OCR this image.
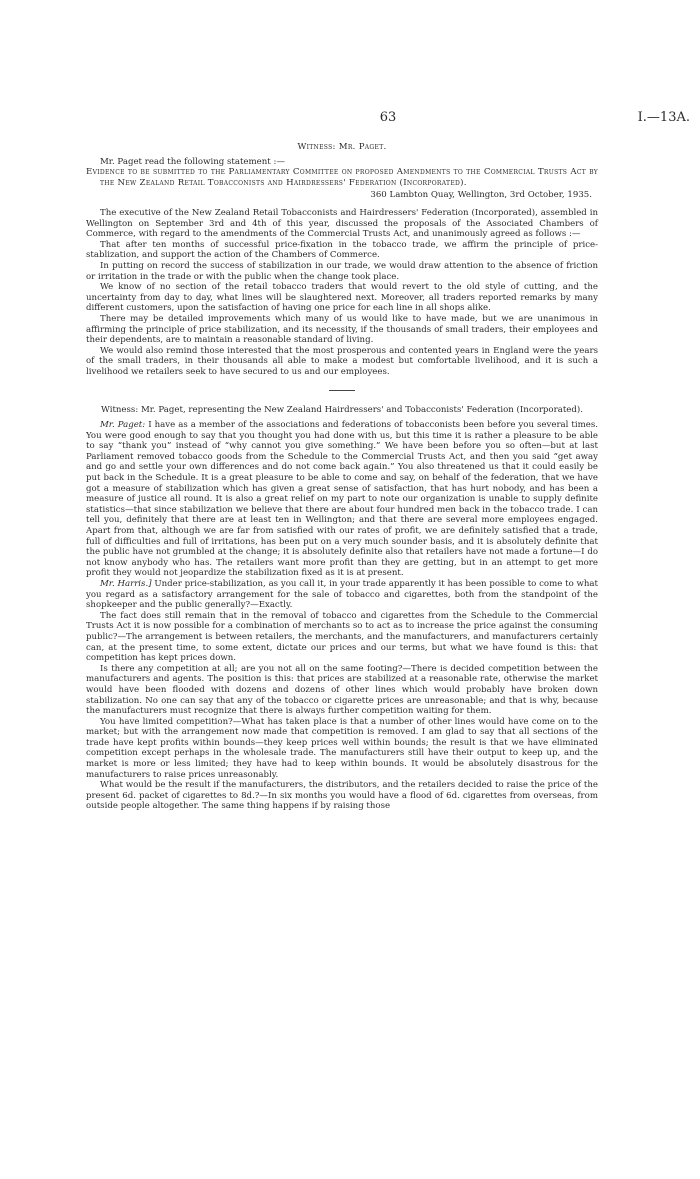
63	I.—13A.

Witness: Mr. Paget.

Mr. Paget read the following statement :—

Evidence to be submitted to the Parliamentary Committee on proposed Amendments to the Commercial Trusts Act by the New Zealand Retail Tobacconists and Hairdressers' Federation (Incorporated).

360 Lambton Quay, Wellington, 3rd October, 1935.

The executive of the New Zealand Retail Tobacconists and Hairdressers' Federation (Incorporated), assembled in Wellington on September 3rd and 4th of this year, discussed the proposals of the Associated Chambers of Commerce, with regard to the amendments of the Commercial Trusts Act, and unanimously agreed as follows :—

That after ten months of successful price-fixation in the tobacco trade, we affirm the principle of price-stablization, and support the action of the Chambers of Commerce.

In putting on record the success of stabilization in our trade, we would draw attention to the absence of friction or irritation in the trade or with the public when the change took place.

We know of no section of the retail tobacco traders that would revert to the old style of cutting, and the uncertainty from day to day, what lines will be slaughtered next. Moreover, all traders reported remarks by many different customers, upon the satisfaction of having one price for each line in all shops alike.

There may be detailed improvements which many of us would like to have made, but we are unanimous in affirming the principle of price stabilization, and its necessity, if the thousands of small traders, their employees and their dependents, are to maintain a reasonable standard of living.

We would also remind those interested that the most prosperous and contented years in England were the years of the small traders, in their thousands all able to make a modest but comfortable livelihood, and it is such a livelihood we retailers seek to have secured to us and our employees.

Witness: Mr. Paget, representing the New Zealand Hairdressers' and Tobacconists' Federation (Incorporated).

Mr. Paget: I have as a member of the associations and federations of tobacconists been before you several times. You were good enough to say that you thought you had done with us, but this time it is rather a pleasure to be able to say “thank you” instead of “why cannot you give something.” We have been before you so often—but at last Parliament removed tobacco goods from the Schedule to the Commercial Trusts Act, and then you said “get away and go and settle your own differences and do not come back again.” You also threatened us that it could easily be put back in the Schedule. It is a great pleasure to be able to come and say, on behalf of the federation, that we have got a measure of stabilization which has given a great sense of satisfaction, that has hurt nobody, and has been a measure of justice all round. It is also a great relief on my part to note our organization is unable to supply definite statistics—that since stabilization we believe that there are about four hundred men back in the tobacco trade. I can tell you, definitely that there are at least ten in Wellington; and that there are several more employees engaged. Apart from that, although we are far from satisfied with our rates of profit, we are definitely satisfied that a trade, full of difficulties and full of irritations, has been put on a very much sounder basis, and it is absolutely definite that the public have not grumbled at the change; it is absolutely definite also that retailers have not made a fortune—I do not know anybody who has. The retailers want more profit than they are getting, but in an attempt to get more profit they would not jeopardize the stabilization fixed as it is at present.

Mr. Harris.] Under price-stabilization, as you call it, in your trade apparently it has been possible to come to what you regard as a satisfactory arrangement for the sale of tobacco and cigarettes, both from the standpoint of the shopkeeper and the public generally?—Exactly.

The fact does still remain that in the removal of tobacco and cigarettes from the Schedule to the Commercial Trusts Act it is now possible for a combination of merchants so to act as to increase the price against the consuming public?—The arrangement is between retailers, the merchants, and the manufacturers, and manufacturers certainly can, at the present time, to some extent, dictate our prices and our terms, but what we have found is this: that competition has kept prices down.

Is there any competition at all; are you not all on the same footing?—There is decided competition between the manufacturers and agents. The position is this: that prices are stabilized at a reasonable rate, otherwise the market would have been flooded with dozens and dozens of other lines which would probably have broken down stabilization. No one can say that any of the tobacco or cigarette prices are unreasonable; and that is why, because the manufacturers must recognize that there is always further competition waiting for them.

You have limited competition?—What has taken place is that a number of other lines would have come on to the market; but with the arrangement now made that competition is removed. I am glad to say that all sections of the trade have kept profits within bounds—they keep prices well within bounds; the result is that we have eliminated competition except perhaps in the wholesale trade. The manufacturers still have their output to keep up, and the market is more or less limited; they have had to keep within bounds. It would be absolutely disastrous for the manufacturers to raise prices unreasonably.

What would be the result if the manufacturers, the distributors, and the retailers decided to raise the price of the present 6d. packet of cigarettes to 8d.?—In six months you would have a flood of 6d. cigarettes from overseas, from outside people altogether. The same thing happens if by raising those
